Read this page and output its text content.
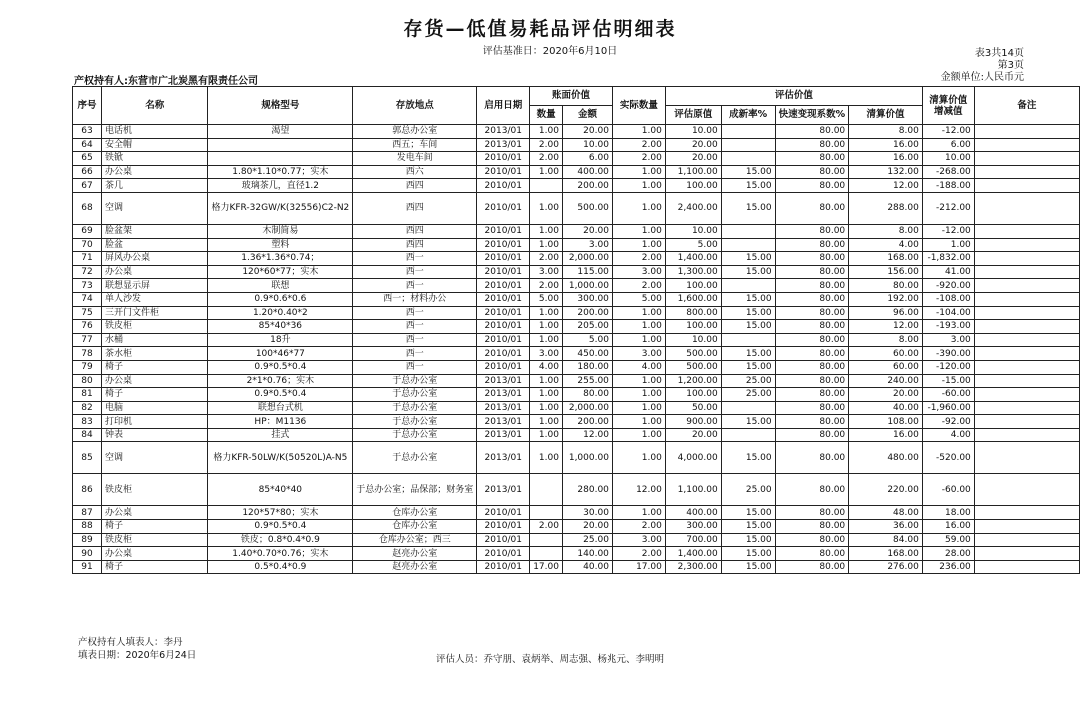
存货—低值易耗品评估明细表
评估基准日：2020年6月10日	表3共14页
第3页
金额单位:人民币元
产权持有人:东营市广北炭黑有限责任公司
序号	名称	规格型号	存放地点	启用日期	账面价值		实际数量	评估价值				清算价值增减值	备注
					数量	金额		评估原值	成新率%	快速变现系数%	清算价值		
63	电话机	渴望	郭总办公室	2013/01	1.00	20.00	1.00	10.00		80.00	8.00	-12.00	
64	安全帽		西五；车间	2013/01	2.00	10.00	2.00	20.00		80.00	16.00	6.00	
65	铁锨		发电车间	2010/01	2.00	6.00	2.00	20.00		80.00	16.00	10.00	
66	办公桌	1.80*1.10*0.77；实木	西六	2010/01	1.00	400.00	1.00	1,100.00	15.00	80.00	132.00	-268.00	
67	茶几	玻璃茶几，直径1.2	西四	2010/01		200.00	1.00	100.00	15.00	80.00	12.00	-188.00	
68	空调	格力KFR-32GW/K(32556)C2-N2	西四	2010/01	1.00	500.00	1.00	2,400.00	15.00	80.00	288.00	-212.00	
69	脸盆架	木制简易	西四	2010/01	1.00	20.00	1.00	10.00		80.00	8.00	-12.00	
70	脸盆	塑料	西四	2010/01	1.00	3.00	1.00	5.00		80.00	4.00	1.00	
71	屏风办公桌	1.36*1.36*0.74；	西一	2010/01	2.00	2,000.00	2.00	1,400.00	15.00	80.00	168.00	-1,832.00	
72	办公桌	120*60*77；实木	西一	2010/01	3.00	115.00	3.00	1,300.00	15.00	80.00	156.00	41.00	
73	联想显示屏	联想	西一	2010/01	2.00	1,000.00	2.00	100.00		80.00	80.00	-920.00	
74	单人沙发	0.9*0.6*0.6	西一；材料办公	2010/01	5.00	300.00	5.00	1,600.00	15.00	80.00	192.00	-108.00	
75	三开门文件柜	1.20*0.40*2	西一	2010/01	1.00	200.00	1.00	800.00	15.00	80.00	96.00	-104.00	
76	铁皮柜	85*40*36	西一	2010/01	1.00	205.00	1.00	100.00	15.00	80.00	12.00	-193.00	
77	水桶	18升	西一	2010/01	1.00	5.00	1.00	10.00		80.00	8.00	3.00	
78	茶水柜	100*46*77	西一	2010/01	3.00	450.00	3.00	500.00	15.00	80.00	60.00	-390.00	
79	椅子	0.9*0.5*0.4	西一	2010/01	4.00	180.00	4.00	500.00	15.00	80.00	60.00	-120.00	
80	办公桌	2*1*0.76；实木	于总办公室	2013/01	1.00	255.00	1.00	1,200.00	25.00	80.00	240.00	-15.00	
81	椅子	0.9*0.5*0.4	于总办公室	2013/01	1.00	80.00	1.00	100.00	25.00	80.00	20.00	-60.00	
82	电脑	联想台式机	于总办公室	2013/01	1.00	2,000.00	1.00	50.00		80.00	40.00	-1,960.00	
83	打印机	HP：M1136	于总办公室	2013/01	1.00	200.00	1.00	900.00	15.00	80.00	108.00	-92.00	
84	钟表	挂式	于总办公室	2013/01	1.00	12.00	1.00	20.00		80.00	16.00	4.00	
85	空调	格力KFR-50LW/K(50520L)A-N5	于总办公室	2013/01	1.00	1,000.00	1.00	4,000.00	15.00	80.00	480.00	-520.00	
86	铁皮柜	85*40*40	于总办公室；品保部；财务室	2013/01		280.00	12.00	1,100.00	25.00	80.00	220.00	-60.00	
87	办公桌	120*57*80；实木	仓库办公室	2010/01		30.00	1.00	400.00	15.00	80.00	48.00	18.00	
88	椅子	0.9*0.5*0.4	仓库办公室	2010/01	2.00	20.00	2.00	300.00	15.00	80.00	36.00	16.00	
89	铁皮柜	铁皮；0.8*0.4*0.9	仓库办公室；西三	2010/01		25.00	3.00	700.00	15.00	80.00	84.00	59.00	
90	办公桌	1.40*0.70*0.76；实木	赵亮办公室	2010/01		140.00	2.00	1,400.00	15.00	80.00	168.00	28.00	
91	椅子	0.5*0.4*0.9	赵亮办公室	2010/01	17.00	40.00	17.00	2,300.00	15.00	80.00	276.00	236.00	
产权持有人填表人：李丹
填表日期：2020年6月24日	评估人员：乔守朋、袁炳举、周志强、杨兆元、李明明
